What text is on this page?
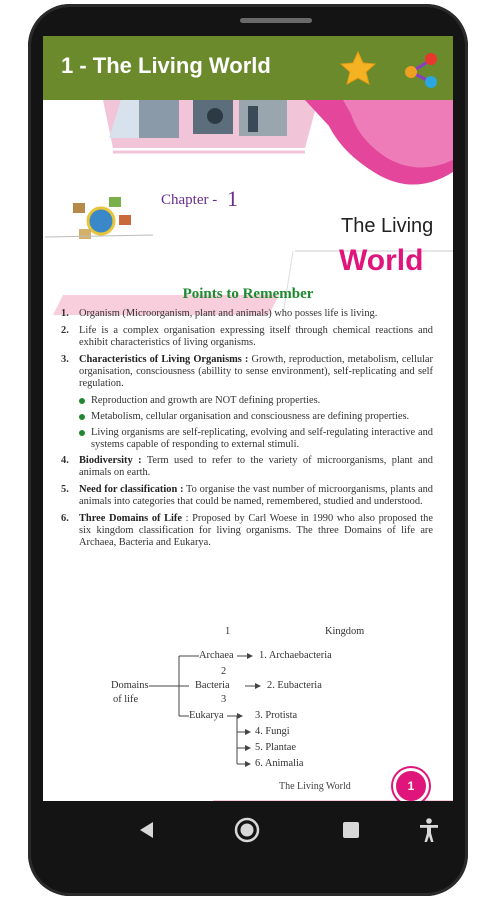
1 - The Living World
Chapter - 1
The Living
World
Points to Remember
1. Organism (Microorganism, plant and animals) who posses life is living.
2. Life is a complex organisation expressing itself through chemical reactions and exhibit characteristics of living organisms.
3. Characteristics of Living Organisms : Growth, reproduction, metabolism, cellular organisation, consciousness (abillity to sense environment), self-replicating and self regulation.
Reproduction and growth are NOT defining properties.
Metabolism, cellular organisation and consciousness are defining properties.
Living organisms are self-replicating, evolving and self-regulating interactive and systems capable of responding to external stimuli.
4. Biodiversity : Term used to refer to the variety of microorganisms, plant and animals on earth.
5. Need for classification : To organise the vast number of microorganisms, plants and animals into categories that could be named, remembered, studied and understood.
6. Three Domains of Life : Proposed by Carl Woese in 1990 who also proposed the six kingdom classification for living organisms. The three Domains of life are Archaea, Bacteria and Eukarya.
1	Kingdom
Archaea 1. Archaebacteria
2
Domains
of life
Bacteria	2. Eubacteria
3
Eukarya	3. Protista
4. Fungi
5. Plantae
6. Animalia
The Living World	1
